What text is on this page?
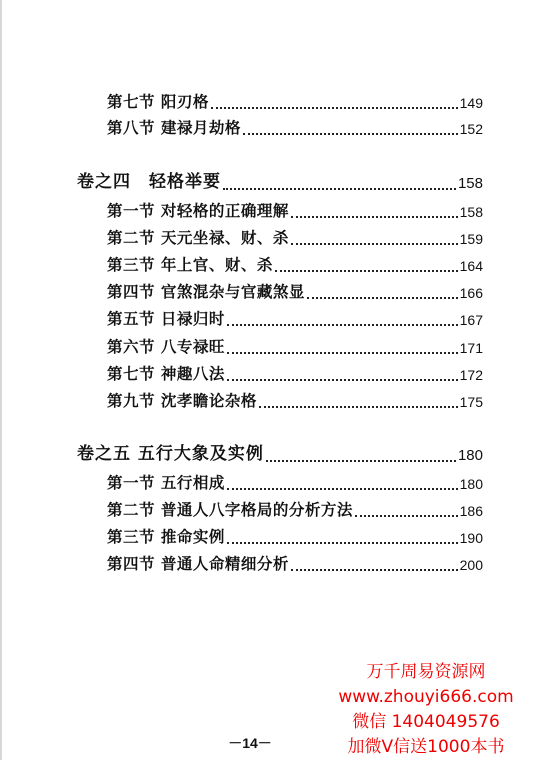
第七节 阳刃格	149
第八节 建禄月劫格	152
卷之四　轻格举要	158
第一节 对轻格的正确理解	158
第二节 天元坐禄、财、杀	159
第三节 年上官、财、杀	164
第四节 官煞混杂与官藏煞显	166
第五节 日禄归时	167
第六节 八专禄旺	171
第七节 神趣八法	172
第九节 沈孝瞻论杂格	175
卷之五 五行大象及实例	180
第一节 五行相成	180
第二节 普通人八字格局的分析方法	186
第三节 推命实例	190
第四节 普通人命精细分析	200
－14－
万千周易资源网
www.zhouyi666.com
微信 1404049576
加微V信送1000本书
